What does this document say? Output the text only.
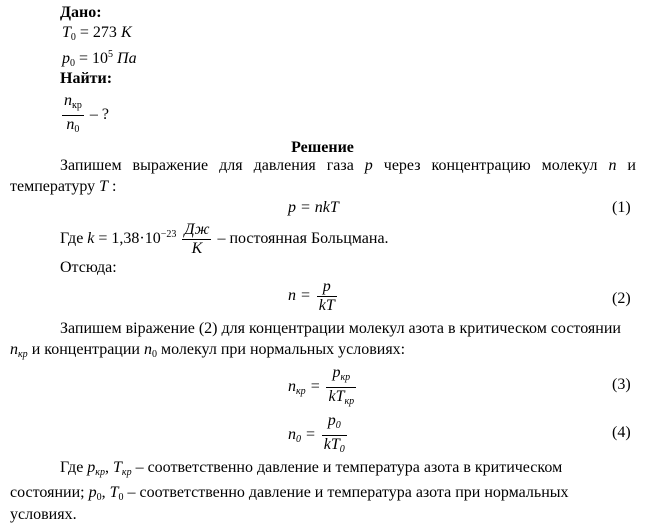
Дано:
$T_0 = 273$ K
$p_0 = 10^5$ Па
Найти:
$\frac{n_{кр}}{n_0}$ – ?
Решение
Запишем выражение для давления газа p через концентрацию молекул n и
температуру T :
p = nkT	(1)
Где $k = 1,38\cdot 10^{-23} \frac{Дж}{К}$ – постоянная Больцмана.
Отсюда:
$n = \frac{p}{kT}$	(2)
Запишем віражение (2) для концентрации молекул азота в критическом состоянии
$n_{кр}$ и концентрации $n_0$ молекул при нормальных условиях:
$n_{кр} = \frac{p_{кр}}{kT_{кр}}$	(3)
$n_0 = \frac{p_0}{kT_0}$	(4)
Где $p_{кр}$, $T_{кр}$ – соответственно давление и температура азота в критическом
состоянии; $p_0$, $T_0$ – соответственно давление и температура азота при нормальных
условиях.
